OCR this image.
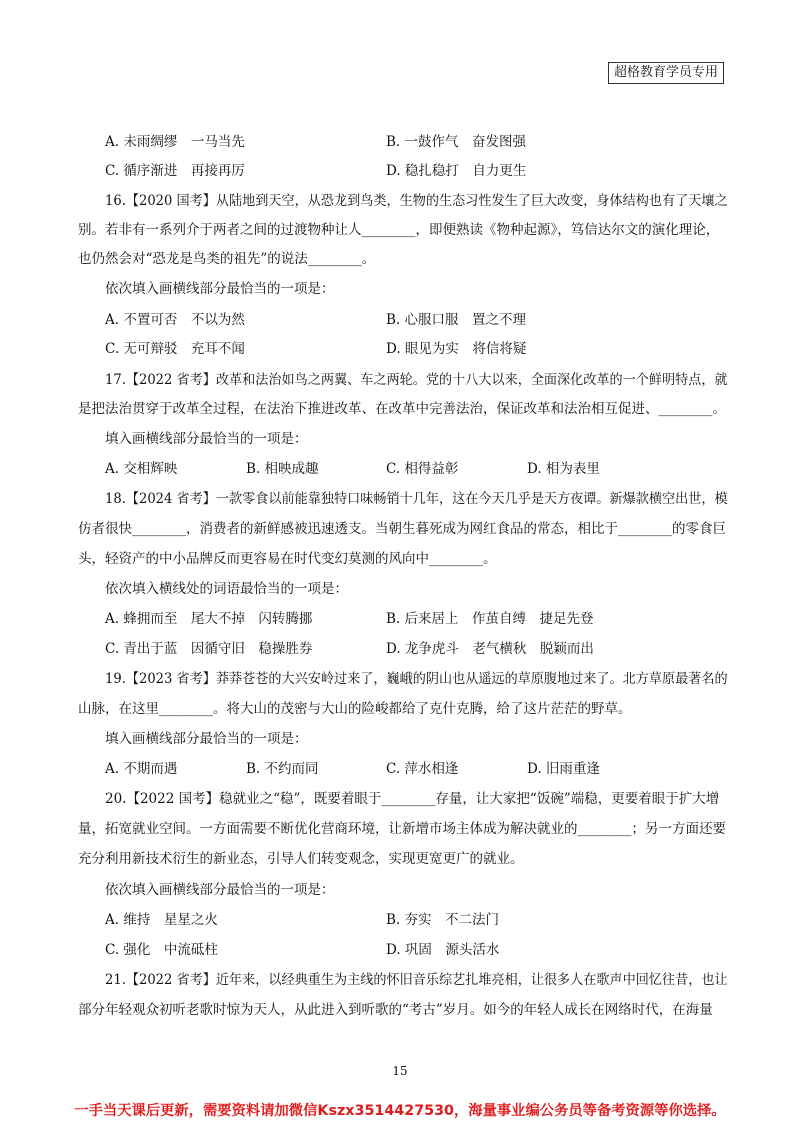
超格教育学员专用
A. 未雨绸缪　一马当先	B. 一鼓作气　奋发图强
C. 循序渐进　再接再厉	D. 稳扎稳打　自力更生
16.【2020 国考】从陆地到天空，从恐龙到鸟类，生物的生态习性发生了巨大改变，身体结构也有了天壤之
别。若非有一系列介于两者之间的过渡物种让人________，即便熟读《物种起源》，笃信达尔文的演化理论，
也仍然会对“恐龙是鸟类的祖先”的说法________。
依次填入画横线部分最恰当的一项是：
A. 不置可否　不以为然	B. 心服口服　置之不理
C. 无可辩驳　充耳不闻	D. 眼见为实　将信将疑
17.【2022 省考】改革和法治如鸟之两翼、车之两轮。党的十八大以来，全面深化改革的一个鲜明特点，就
是把法治贯穿于改革全过程，在法治下推进改革、在改革中完善法治，保证改革和法治相互促进、________。
填入画横线部分最恰当的一项是：
A. 交相辉映	B. 相映成趣	C. 相得益彰	D. 相为表里
18.【2024 省考】一款零食以前能靠独特口味畅销十几年，这在今天几乎是天方夜谭。新爆款横空出世，模
仿者很快________，消费者的新鲜感被迅速透支。当朝生暮死成为网红食品的常态，相比于________的零食巨
头，轻资产的中小品牌反而更容易在时代变幻莫测的风向中________。
依次填入横线处的词语最恰当的一项是：
A. 蜂拥而至　尾大不掉　闪转腾挪	B. 后来居上　作茧自缚　捷足先登
C. 青出于蓝　因循守旧　稳操胜券	D. 龙争虎斗　老气横秋　脱颖而出
19.【2023 省考】莽莽苍苍的大兴安岭过来了，巍峨的阴山也从遥远的草原腹地过来了。北方草原最著名的
山脉，在这里________。将大山的茂密与大山的险峻都给了克什克腾，给了这片茫茫的野草。
填入画横线部分最恰当的一项是：
A. 不期而遇	B. 不约而同	C. 萍水相逢	D. 旧雨重逢
20.【2022 国考】稳就业之“稳”，既要着眼于________存量，让大家把“饭碗”端稳，更要着眼于扩大增
量，拓宽就业空间。一方面需要不断优化营商环境，让新增市场主体成为解决就业的________；另一方面还要
充分利用新技术衍生的新业态，引导人们转变观念，实现更宽更广的就业。
依次填入画横线部分最恰当的一项是：
A. 维持　星星之火	B. 夯实　不二法门
C. 强化　中流砥柱	D. 巩固　源头活水
21.【2022 省考】近年来，以经典重生为主线的怀旧音乐综艺扎堆亮相，让很多人在歌声中回忆往昔，也让
部分年轻观众初听老歌时惊为天人，从此进入到听歌的“考古”岁月。如今的年轻人成长在网络时代，在海量
15
一手当天课后更新，需要资料请加微信Kszx3514427530，海量事业编公务员等备考资源等你选择。
